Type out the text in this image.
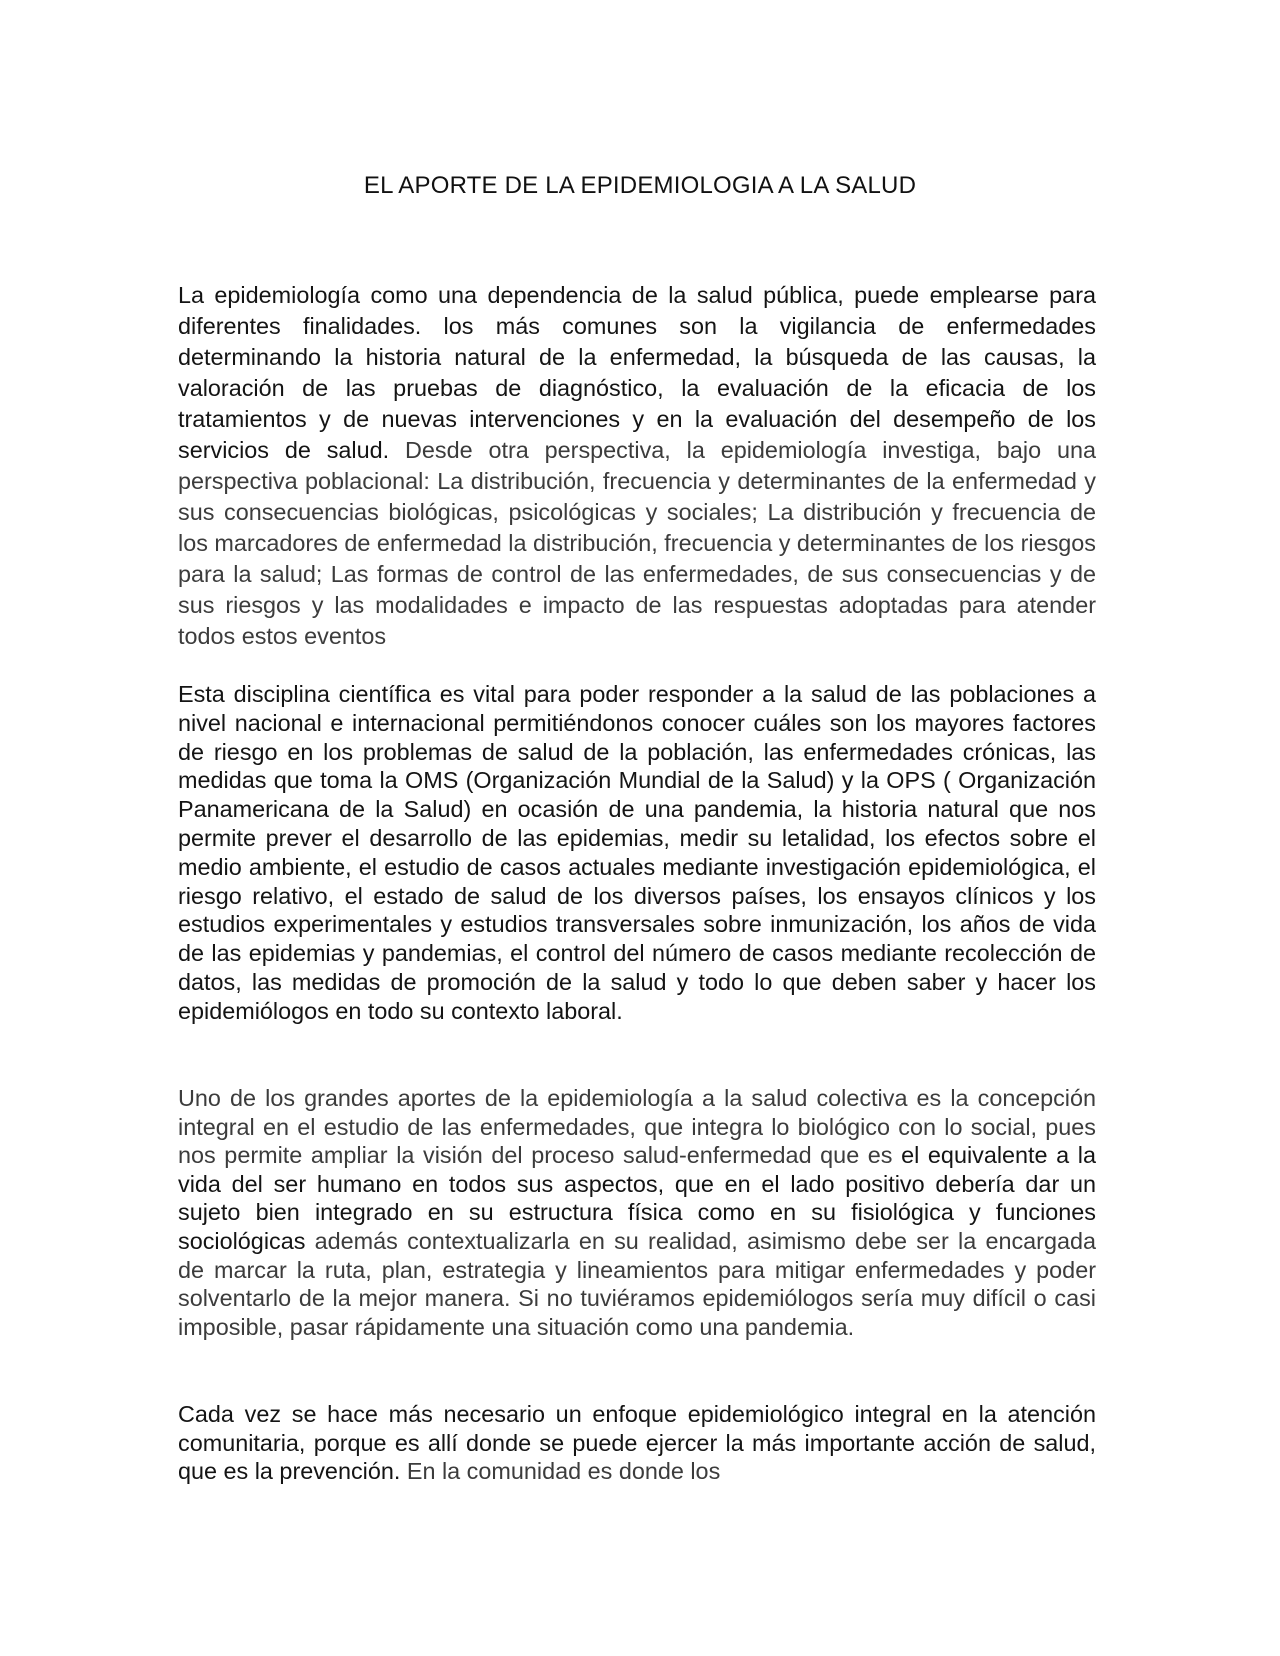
EL APORTE DE LA EPIDEMIOLOGIA A LA SALUD

La epidemiología como una dependencia de la salud pública, puede emplearse para diferentes finalidades. los más comunes son la vigilancia de enfermedades determinando la historia natural de la enfermedad, la búsqueda de las causas, la valoración de las pruebas de diagnóstico, la evaluación de la eficacia de los tratamientos y de nuevas intervenciones y en la evaluación del desempeño de los servicios de salud. Desde otra perspectiva, la epidemiología investiga, bajo una perspectiva poblacional: La distribución, frecuencia y determinantes de la enfermedad y sus consecuencias biológicas, psicológicas y sociales; La distribución y frecuencia de los marcadores de enfermedad la distribución, frecuencia y determinantes de los riesgos para la salud; Las formas de control de las enfermedades, de sus consecuencias y de sus riesgos y las modalidades e impacto de las respuestas adoptadas para atender todos estos eventos

Esta disciplina científica es vital para poder responder a la salud de las poblaciones a nivel nacional e internacional permitiéndonos conocer cuáles son los mayores factores de riesgo en los problemas de salud de la población, las enfermedades crónicas, las medidas que toma la OMS (Organización Mundial de la Salud) y la OPS ( Organización Panamericana de la Salud) en ocasión de una pandemia, la historia natural que nos permite prever el desarrollo de las epidemias, medir su letalidad, los efectos sobre el medio ambiente, el estudio de casos actuales mediante investigación epidemiológica, el riesgo relativo, el estado de salud de los diversos países, los ensayos clínicos y los estudios experimentales y estudios transversales sobre inmunización, los años de vida de las epidemias y pandemias, el control del número de casos mediante recolección de datos, las medidas de promoción de la salud y todo lo que deben saber y hacer los epidemiólogos en todo su contexto laboral.

Uno de los grandes aportes de la epidemiología a la salud colectiva es la concepción integral en el estudio de las enfermedades, que integra lo biológico con lo social, pues nos permite ampliar la visión del proceso salud-enfermedad que es el equivalente a la vida del ser humano en todos sus aspectos, que en el lado positivo debería dar un sujeto bien integrado en su estructura física como en su fisiológica y funciones sociológicas además contextualizarla en su realidad, asimismo debe ser la encargada de marcar la ruta, plan, estrategia y lineamientos para mitigar enfermedades y poder solventarlo de la mejor manera. Si no tuviéramos epidemiólogos sería muy difícil o casi imposible, pasar rápidamente una situación como una pandemia.

Cada vez se hace más necesario un enfoque epidemiológico integral en la atención comunitaria, porque es allí donde se puede ejercer la más importante acción de salud, que es la prevención. En la comunidad es donde los
